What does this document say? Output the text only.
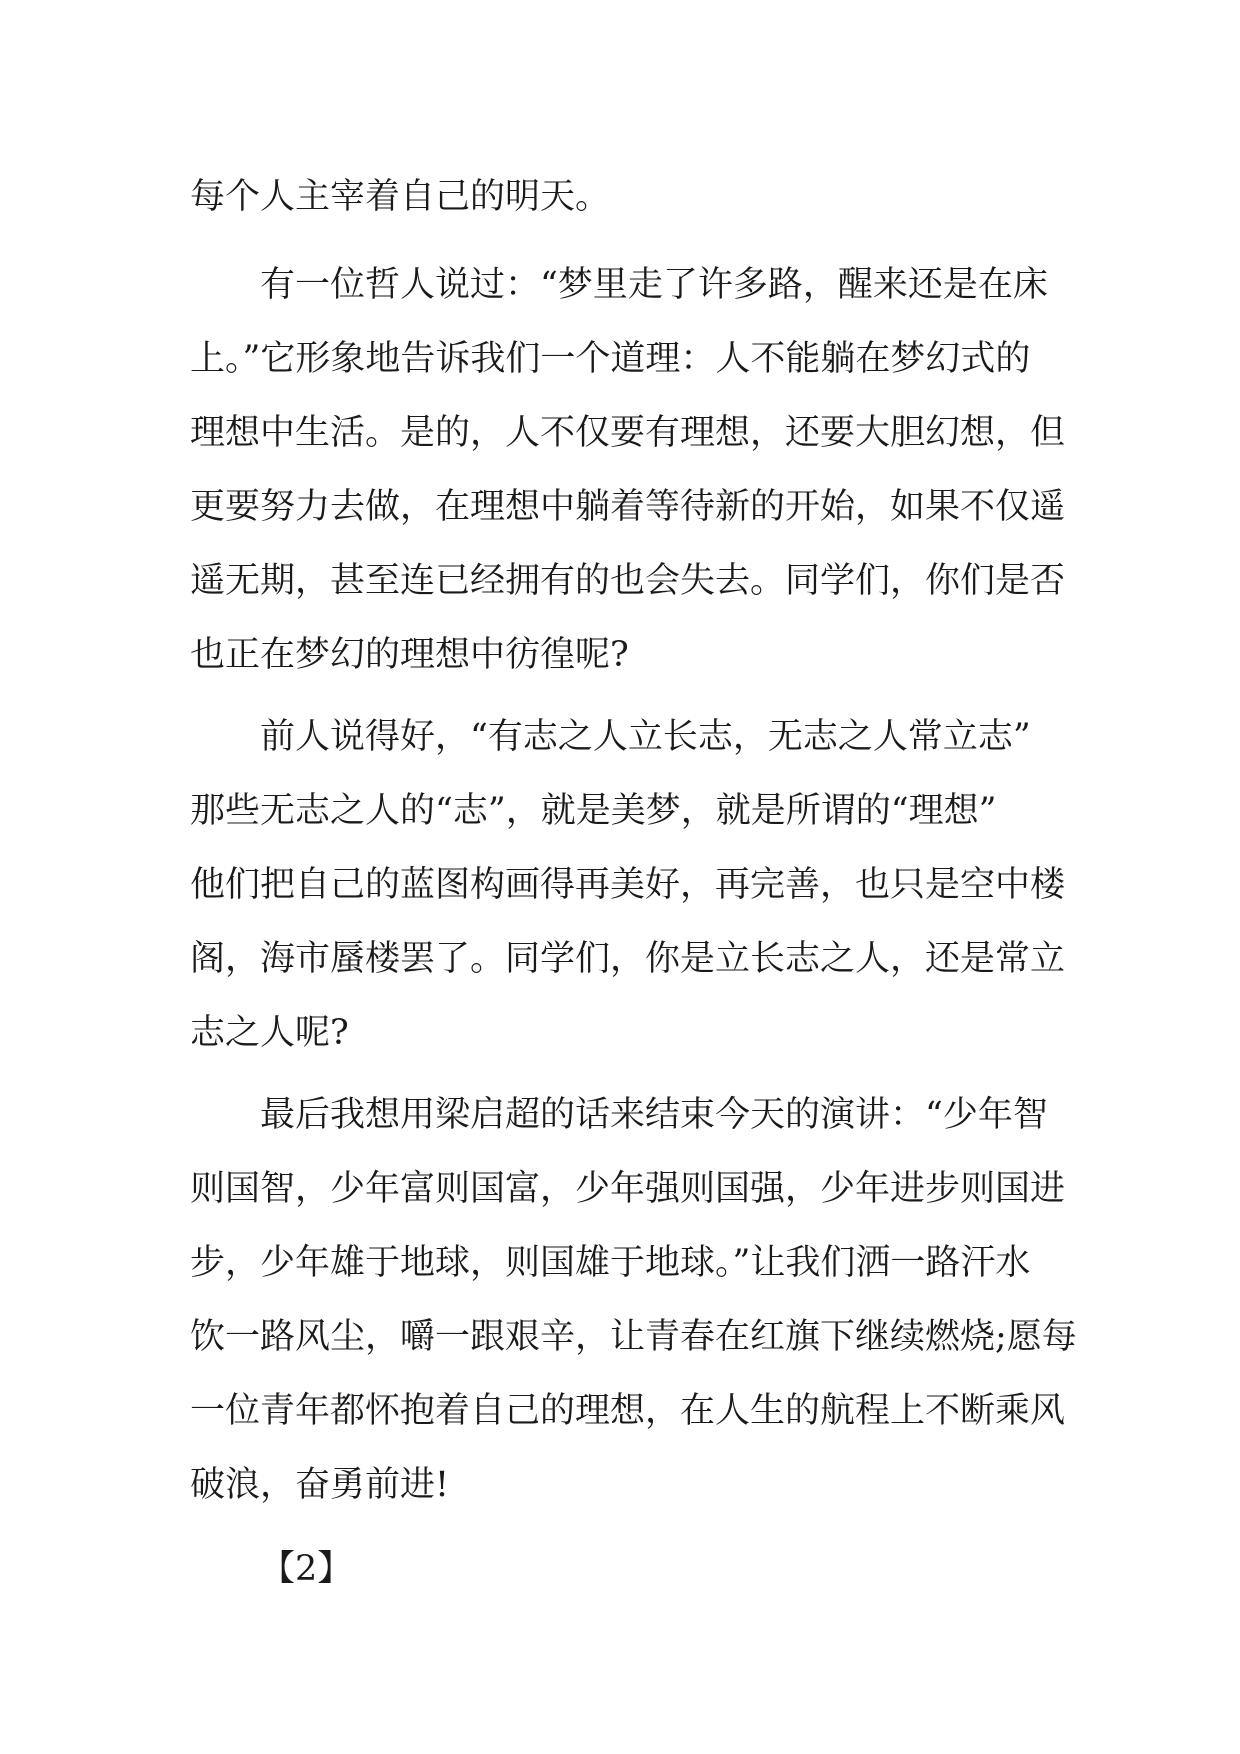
每个人主宰着自己的明天。
有一位哲人说过：“梦里走了许多路，醒来还是在床
上。”它形象地告诉我们一个道理：人不能躺在梦幻式的
理想中生活。是的，人不仅要有理想，还要大胆幻想，但
更要努力去做，在理想中躺着等待新的开始，如果不仅遥
遥无期，甚至连已经拥有的也会失去。同学们，你们是否
也正在梦幻的理想中彷徨呢?
前人说得好，“有志之人立长志，无志之人常立志”
那些无志之人的“志”，就是美梦，就是所谓的“理想”
他们把自己的蓝图构画得再美好，再完善，也只是空中楼
阁，海市蜃楼罢了。同学们，你是立长志之人，还是常立
志之人呢?
最后我想用梁启超的话来结束今天的演讲：“少年智
则国智，少年富则国富，少年强则国强，少年进步则国进
步，少年雄于地球，则国雄于地球。”让我们洒一路汗水
饮一路风尘，嚼一跟艰辛，让青春在红旗下继续燃烧;愿每
一位青年都怀抱着自己的理想，在人生的航程上不断乘风
破浪，奋勇前进!
【2】
